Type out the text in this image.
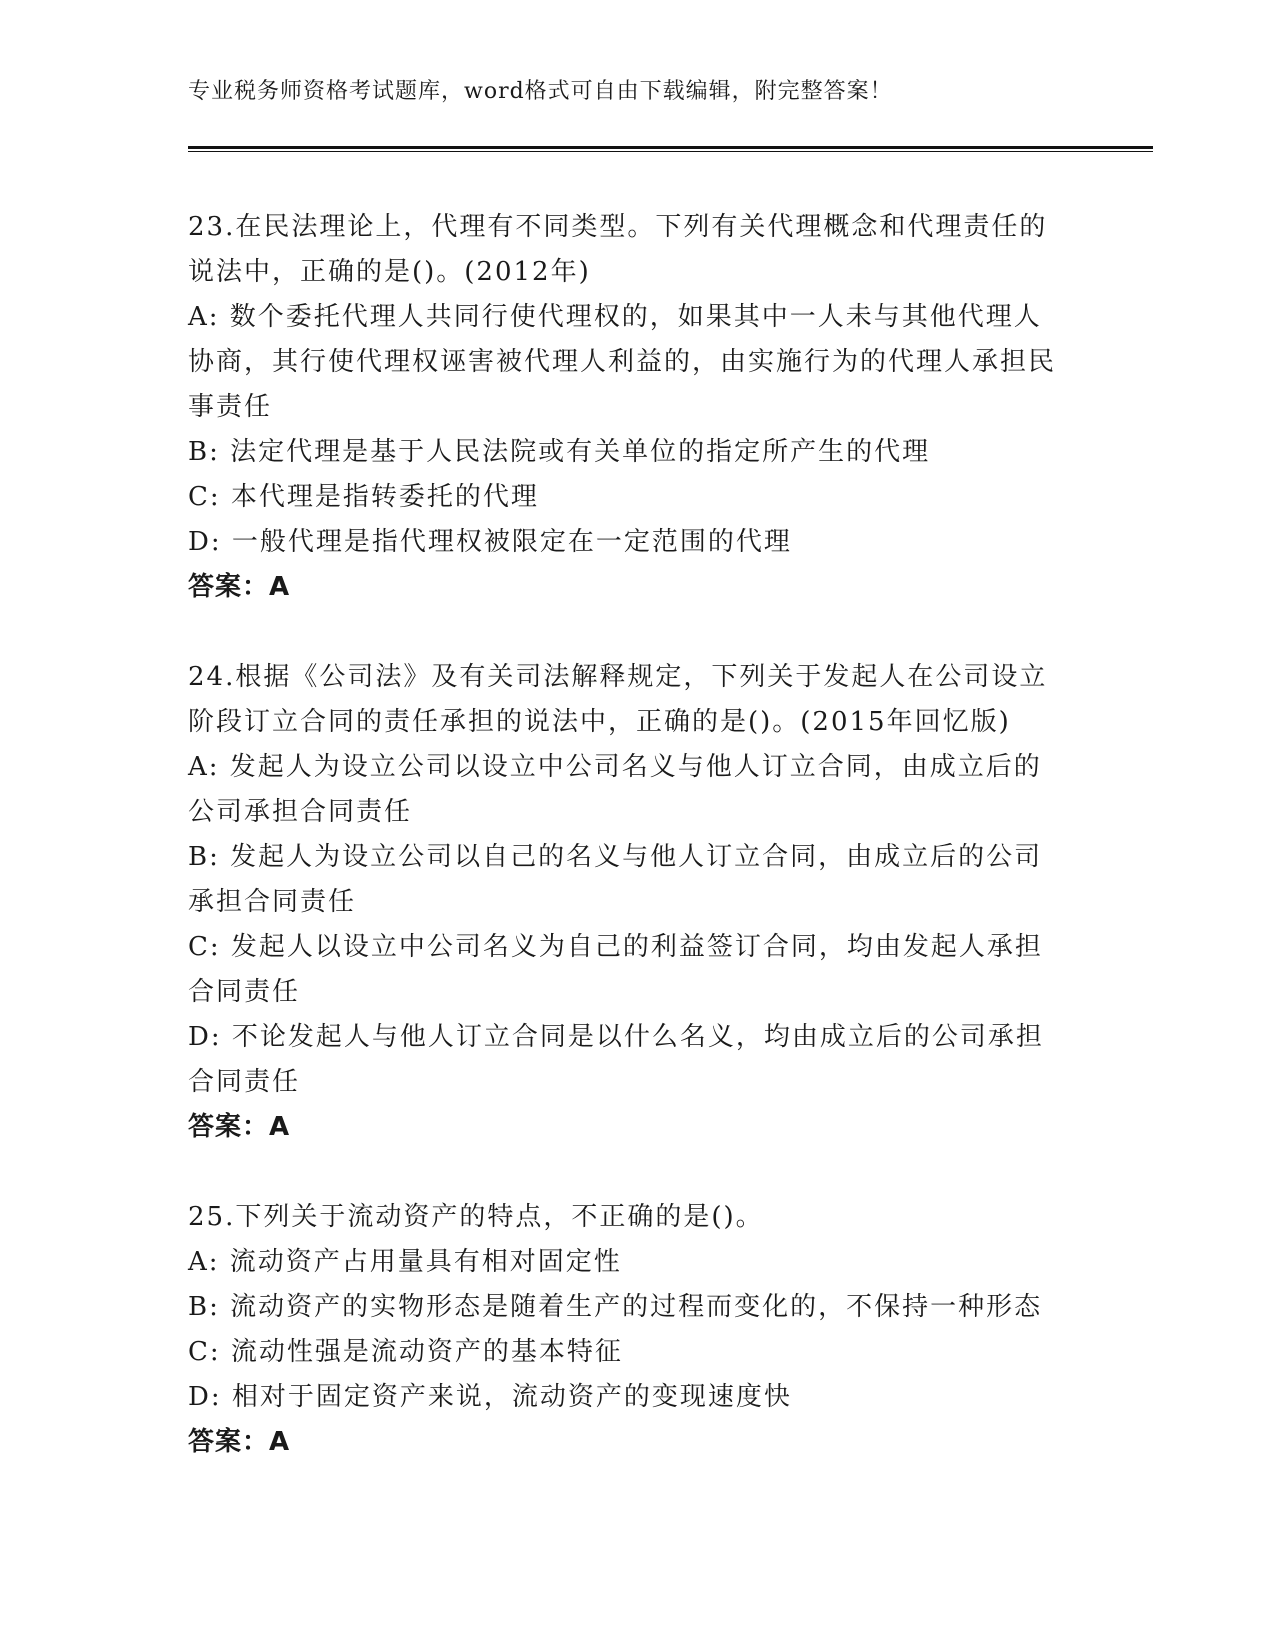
专业税务师资格考试题库，word格式可自由下载编辑，附完整答案！

23.在民法理论上，代理有不同类型。下列有关代理概念和代理责任的说法中，正确的是()。(2012年)

A: 数个委托代理人共同行使代理权的，如果其中一人未与其他代理人协商，其行使代理权诬害被代理人利益的，由实施行为的代理人承担民事责任

B: 法定代理是基于人民法院或有关单位的指定所产生的代理

C: 本代理是指转委托的代理

D: 一般代理是指代理权被限定在一定范围的代理

答案：A

24.根据《公司法》及有关司法解释规定，下列关于发起人在公司设立阶段订立合同的责任承担的说法中，正确的是()。(2015年回忆版)

A: 发起人为设立公司以设立中公司名义与他人订立合同，由成立后的公司承担合同责任

B: 发起人为设立公司以自己的名义与他人订立合同，由成立后的公司承担合同责任

C: 发起人以设立中公司名义为自己的利益签订合同，均由发起人承担合同责任

D: 不论发起人与他人订立合同是以什么名义，均由成立后的公司承担合同责任

答案：A

25.下列关于流动资产的特点，不正确的是()。

A: 流动资产占用量具有相对固定性

B: 流动资产的实物形态是随着生产的过程而变化的，不保持一种形态

C: 流动性强是流动资产的基本特征

D: 相对于固定资产来说，流动资产的变现速度快

答案：A
